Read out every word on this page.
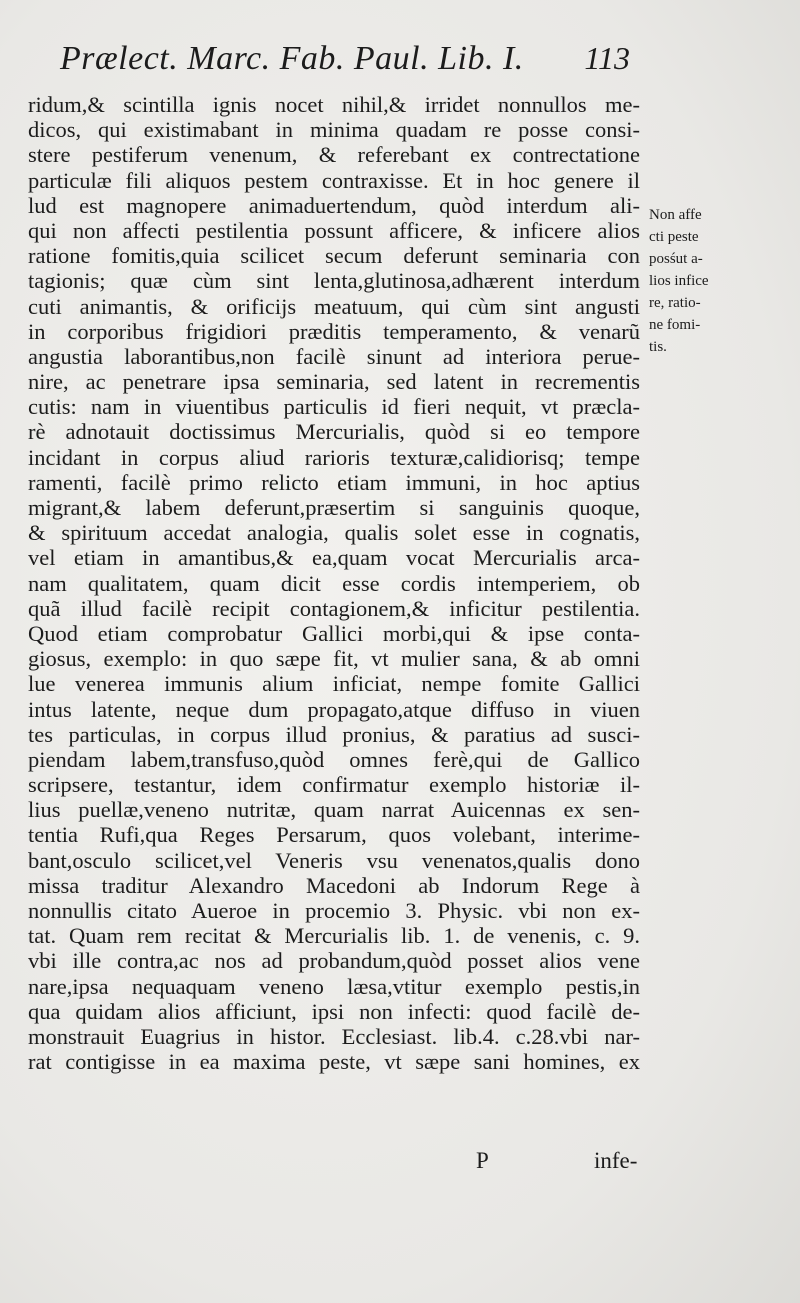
Prælect. Marc. Fab. Paul. Lib. I. 113
ridum,& scintilla ignis nocet nihil,& irridet nonnullos me-
dicos, qui existimabant in minima quadam re posse consi-
stere pestiferum venenum, & referebant ex contrectatione
particulæ fili aliquos pestem contraxisse. Et in hoc genere il
lud est magnopere animaduertendum, quòd interdum ali-
qui non affecti pestilentia possunt afficere, & inficere alios
ratione fomitis,quia scilicet secum deferunt seminaria con
tagionis; quæ cùm sint lenta,glutinosa,adhærent interdum
cuti animantis, & orificijs meatuum, qui cùm sint angusti
in corporibus frigidiori præditis temperamento, & venarũ
angustia laborantibus,non facilè sinunt ad interiora perue-
nire, ac penetrare ipsa seminaria, sed latent in recrementis
cutis: nam in viuentibus particulis id fieri nequit, vt præcla-
rè adnotauit doctissimus Mercurialis, quòd si eo tempore
incidant in corpus aliud rarioris texturæ,calidiorisq; tempe
ramenti, facilè primo relicto etiam immuni, in hoc aptius
migrant,& labem deferunt,præsertim si sanguinis quoque,
& spirituum accedat analogia, qualis solet esse in cognatis,
vel etiam in amantibus,& ea,quam vocat Mercurialis arca-
nam qualitatem, quam dicit esse cordis intemperiem, ob
quã illud facilè recipit contagionem,& inficitur pestilentia.
Quod etiam comprobatur Gallici morbi,qui & ipse conta-
giosus, exemplo: in quo sæpe fit, vt mulier sana, & ab omni
lue venerea immunis alium inficiat, nempe fomite Gallici
intus latente, neque dum propagato,atque diffuso in viuen
tes particulas, in corpus illud pronius, & paratius ad susci-
piendam labem,transfuso,quòd omnes ferè,qui de Gallico
scripsere, testantur, idem confirmatur exemplo historiæ il-
lius puellæ,veneno nutritæ, quam narrat Auicennas ex sen-
tentia Rufi,qua Reges Persarum, quos volebant, interime-
bant,osculo scilicet,vel Veneris vsu venenatos,qualis dono
missa traditur Alexandro Macedoni ab Indorum Rege à
nonnullis citato Aueroe in procemio 3. Physic. vbi non ex-
tat. Quam rem recitat & Mercurialis lib. 1. de venenis, c. 9.
vbi ille contra,ac nos ad probandum,quòd posset alios vene
nare,ipsa nequaquam veneno læsa,vtitur exemplo pestis,in
qua quidam alios afficiunt, ipsi non infecti: quod facilè de-
monstrauit Euagrius in histor. Ecclesiast. lib.4. c.28.vbi nar-
rat contigisse in ea maxima peste, vt sæpe sani homines, ex
Non affe
cti peste
posśut a-
lios infice
re, ratio-
ne fomi-
tis.
P	infe-
